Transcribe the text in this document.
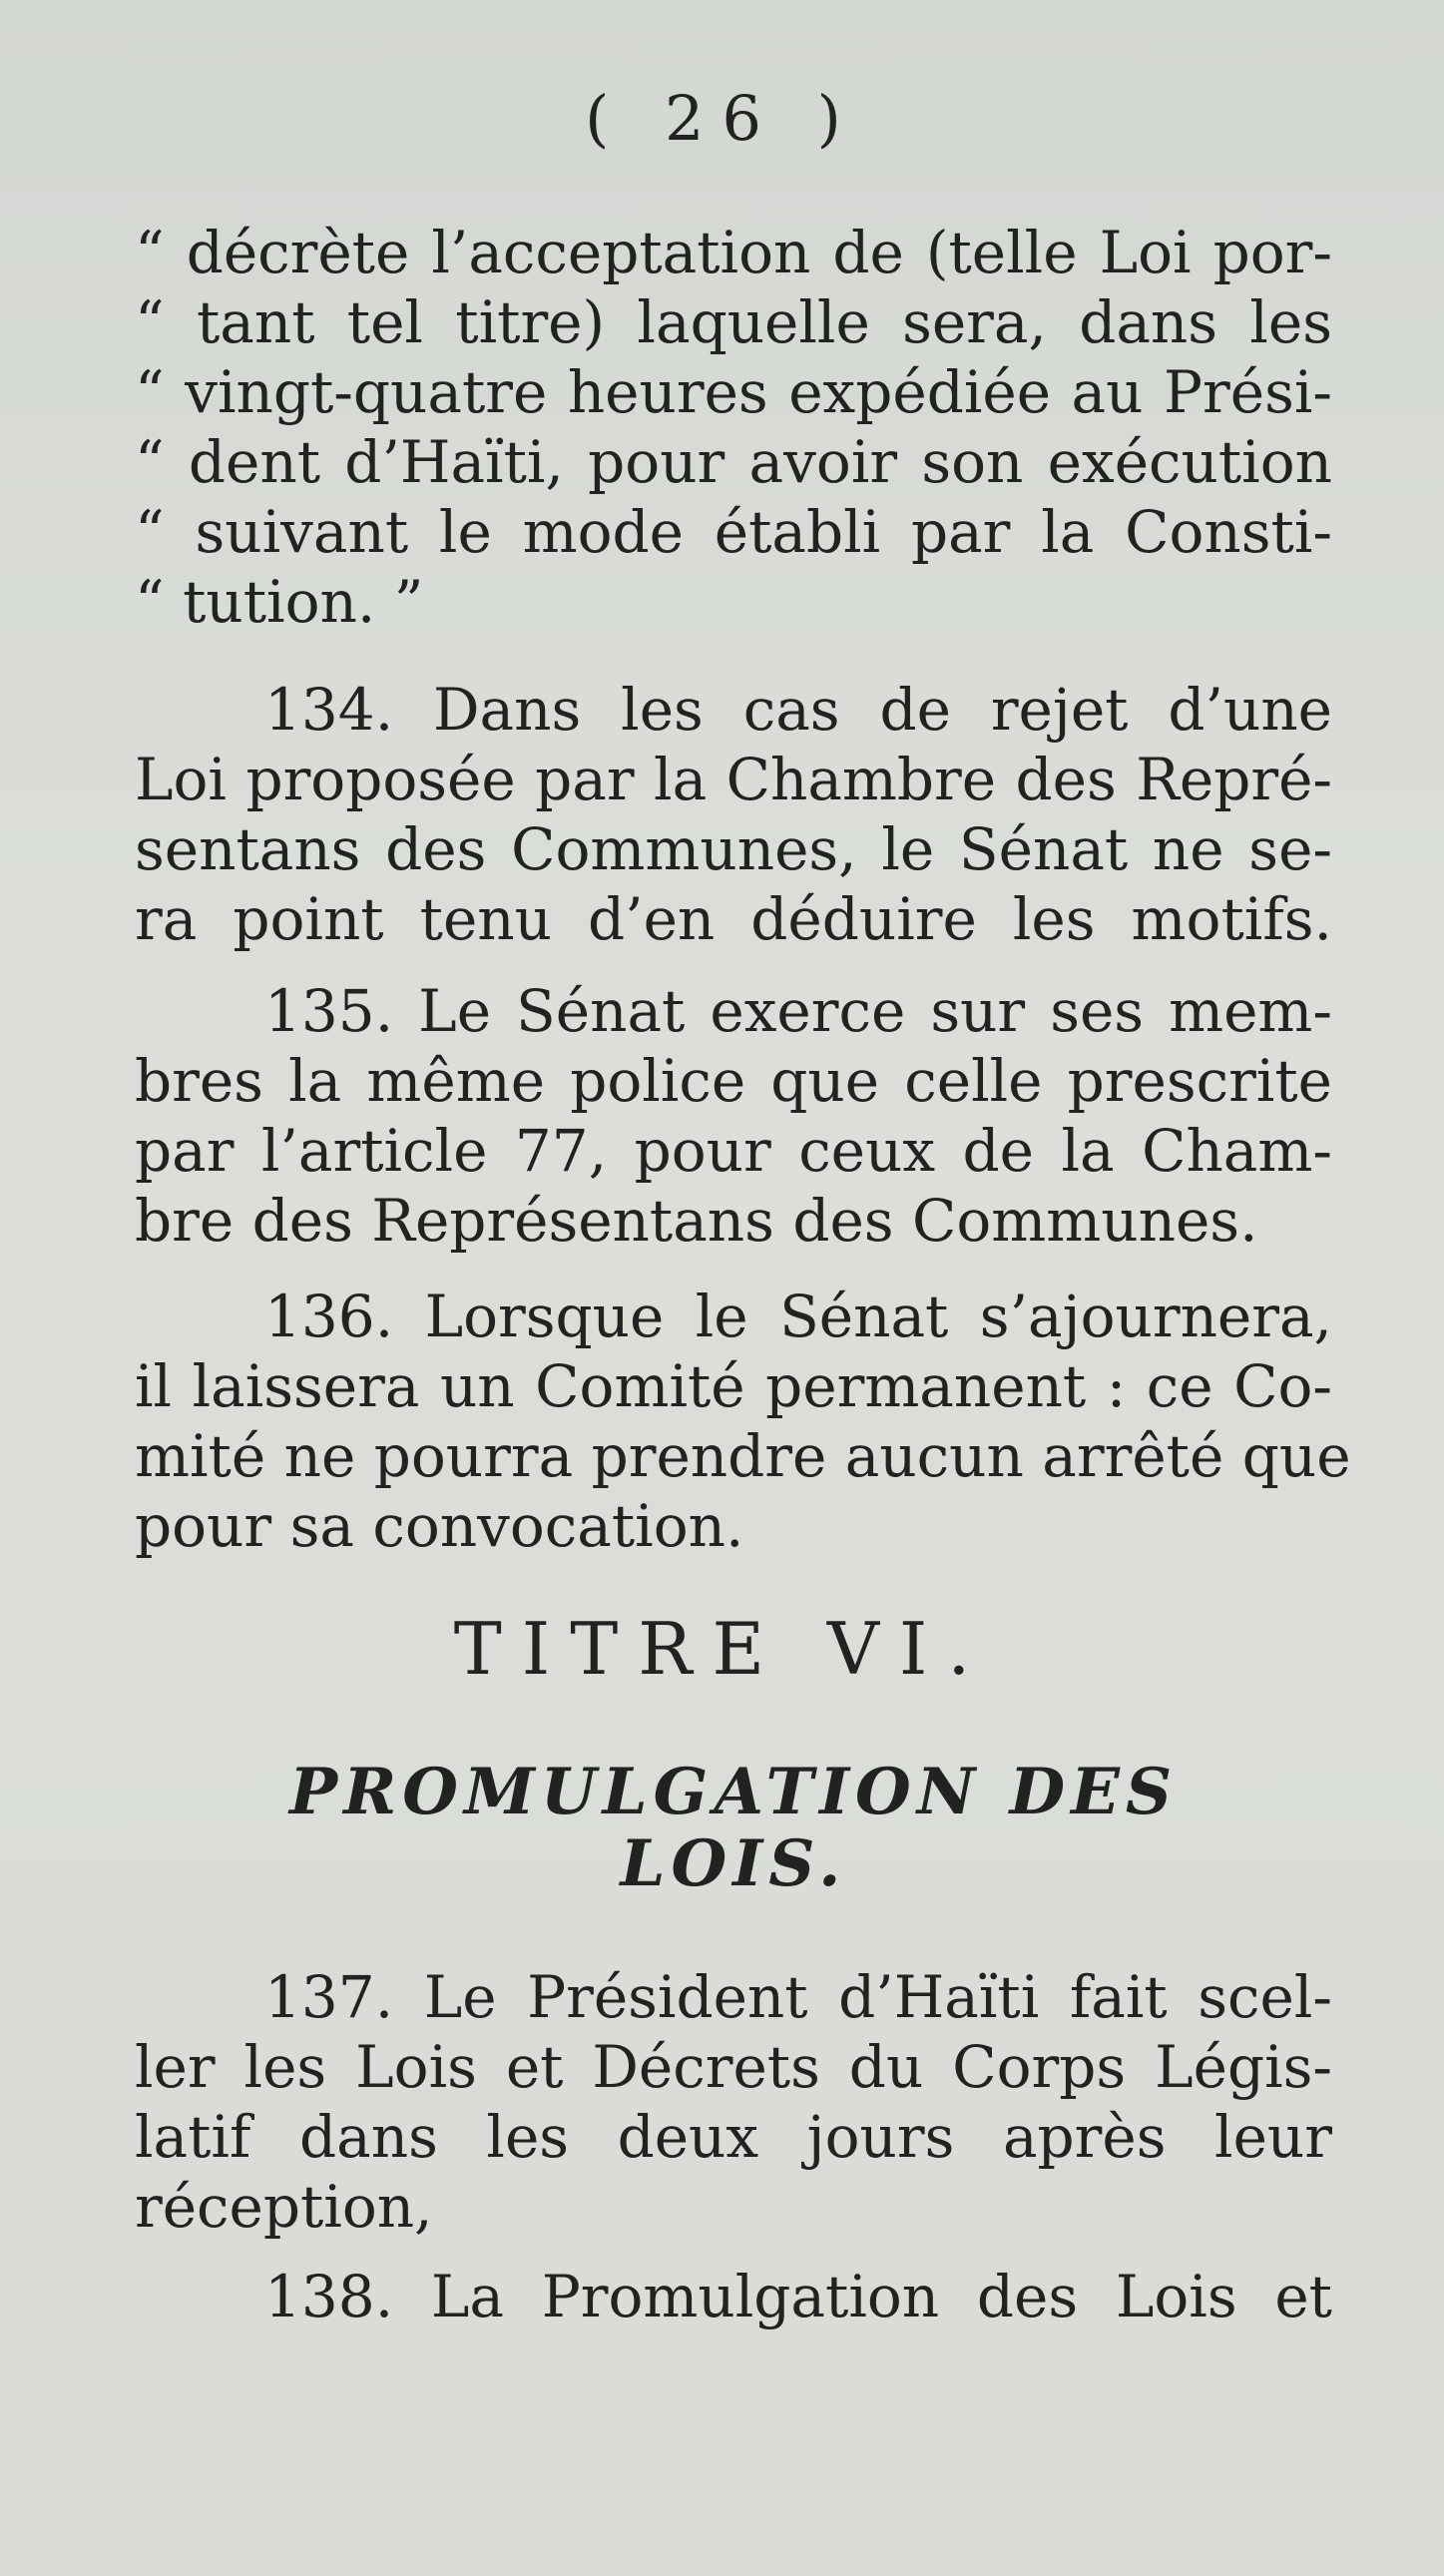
( 26 )
“ décrète l’acceptation de (telle Loi por-
“ tant tel titre) laquelle sera, dans les
“ vingt-quatre heures expédiée au Prési-
“ dent d’Haïti, pour avoir son exécution
“ suivant le mode établi par la Consti-
“ tution. ”
134. Dans les cas de rejet d’une
Loi proposée par la Chambre des Repré-
sentans des Communes, le Sénat ne se-
ra point tenu d’en déduire les motifs.
135. Le Sénat exerce sur ses mem-
bres la même police que celle prescrite
par l’article 77, pour ceux de la Cham-
bre des Représentans des Communes.
136. Lorsque le Sénat s’ajournera,
il laissera un Comité permanent : ce Co-
mité ne pourra prendre aucun arrêté que
pour sa convocation.
TITRE VI.
PROMULGATION DES
LOIS.
137. Le Président d’Haïti fait scel-
ler les Lois et Décrets du Corps Légis-
latif dans les deux jours après leur
réception,
138. La Promulgation des Lois et
